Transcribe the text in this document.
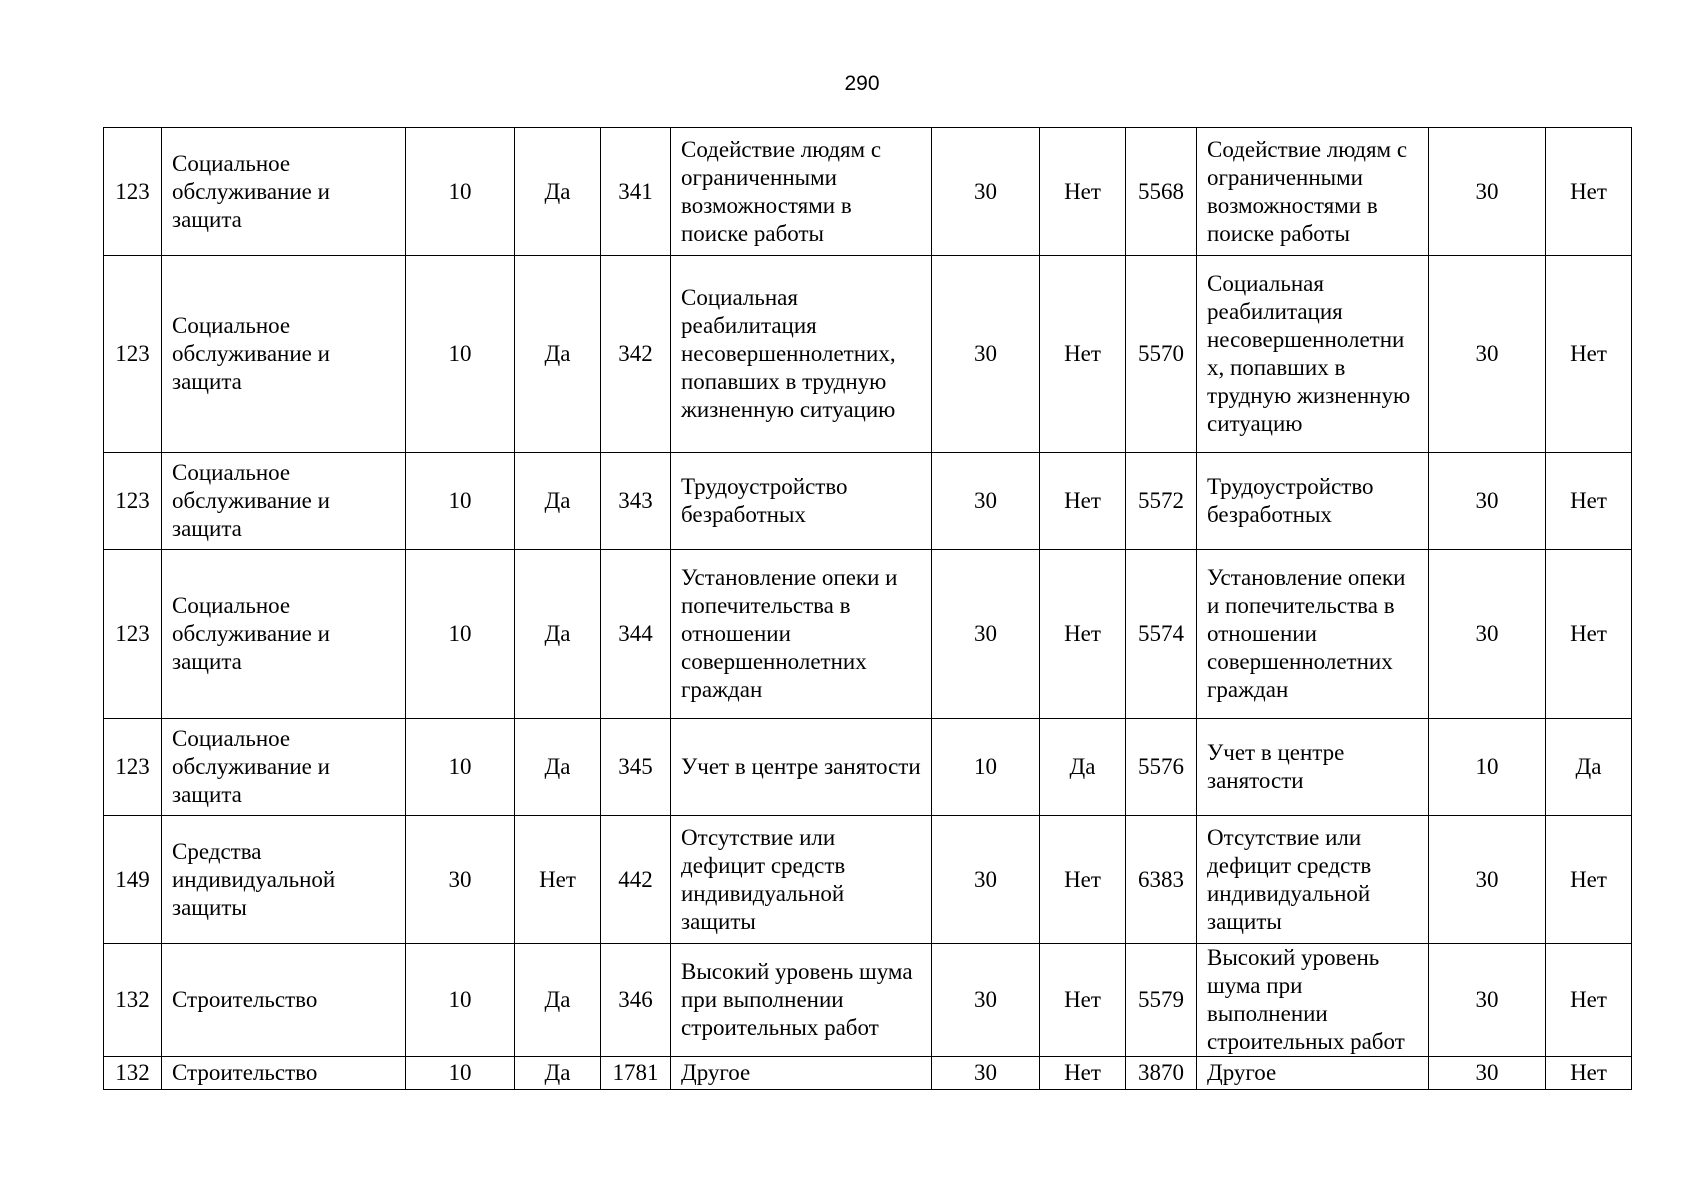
290
123	Социальное обслуживание и защита	10	Да	341	Содействие людям с ограниченными возможностями в поиске работы	30	Нет	5568	Содействие людям с ограниченными возможностями в поиске работы	30	Нет
123	Социальное обслуживание и защита	10	Да	342	Социальная реабилитация несовершеннолетних, попавших в трудную жизненную ситуацию	30	Нет	5570	Социальная реабилитация несовершеннолетни х, попавших в трудную жизненную ситуацию	30	Нет
123	Социальное обслуживание и защита	10	Да	343	Трудоустройство безработных	30	Нет	5572	Трудоустройство безработных	30	Нет
123	Социальное обслуживание и защита	10	Да	344	Установление опеки и попечительства в отношении совершеннолетних граждан	30	Нет	5574	Установление опеки и попечительства в отношении совершеннолетних граждан	30	Нет
123	Социальное обслуживание и защита	10	Да	345	Учет в центре занятости	10	Да	5576	Учет в центре занятости	10	Да
149	Средства индивидуальной защиты	30	Нет	442	Отсутствие или дефицит средств индивидуальной защиты	30	Нет	6383	Отсутствие или дефицит средств индивидуальной защиты	30	Нет
132	Строительство	10	Да	346	Высокий уровень шума при выполнении строительных работ	30	Нет	5579	Высокий уровень шума при выполнении строительных работ	30	Нет
132	Строительство	10	Да	1781	Другое	30	Нет	3870	Другое	30	Нет
